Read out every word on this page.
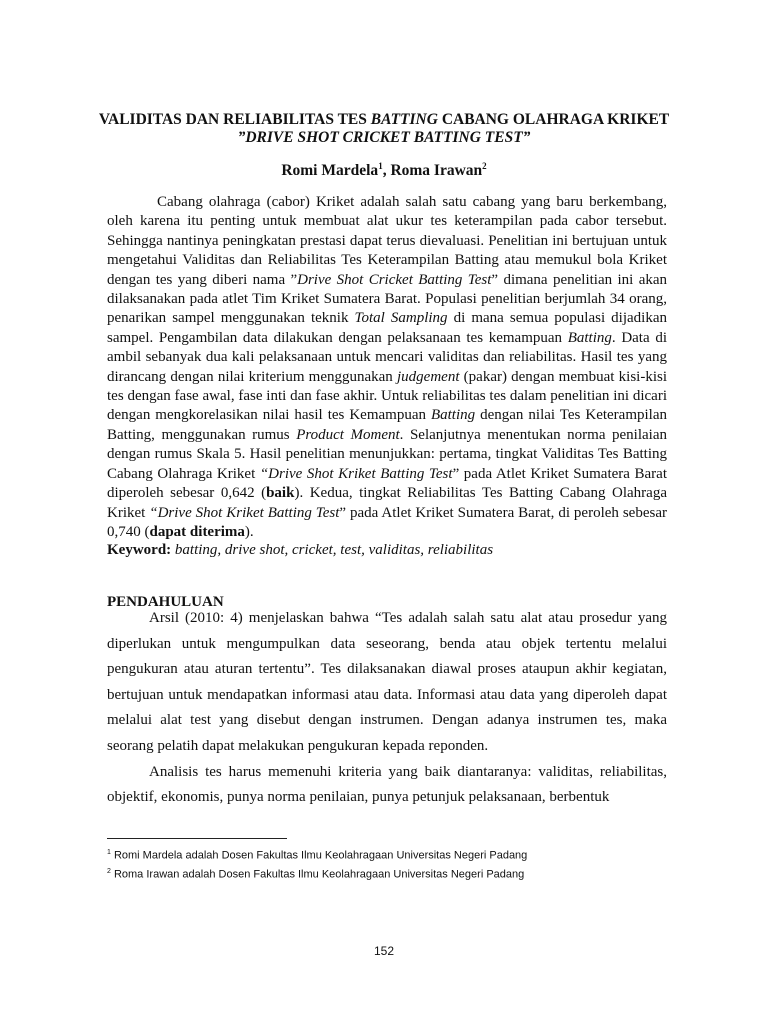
VALIDITAS DAN RELIABILITAS TES BATTING CABANG OLAHRAGA KRIKET
”DRIVE SHOT CRICKET BATTING TEST”
Romi Mardela$^1$, Roma Irawan$^2$

Cabang olahraga (cabor) Kriket adalah salah satu cabang yang baru berkembang, oleh karena itu penting untuk membuat alat ukur tes keterampilan pada cabor tersebut. Sehingga nantinya peningkatan prestasi dapat terus dievaluasi. Penelitian ini bertujuan untuk mengetahui Validitas dan Reliabilitas Tes Keterampilan Batting atau memukul bola Kriket dengan tes yang diberi nama ”Drive Shot Cricket Batting Test” dimana penelitian ini akan dilaksanakan pada atlet Tim Kriket Sumatera Barat. Populasi penelitian berjumlah 34 orang, penarikan sampel menggunakan teknik Total Sampling di mana semua populasi dijadikan sampel. Pengambilan data dilakukan dengan pelaksanaan tes kemampuan Batting. Data di ambil sebanyak dua kali pelaksanaan untuk mencari validitas dan reliabilitas. Hasil tes yang dirancang dengan nilai kriterium menggunakan judgement (pakar) dengan membuat kisi-kisi tes dengan fase awal, fase inti dan fase akhir. Untuk reliabilitas tes dalam penelitian ini dicari dengan mengkorelasikan nilai hasil tes Kemampuan Batting dengan nilai Tes Keterampilan Batting, menggunakan rumus Product Moment. Selanjutnya menentukan norma penilaian dengan rumus Skala 5. Hasil penelitian menunjukkan: pertama, tingkat Validitas Tes Batting Cabang Olahraga Kriket “Drive Shot Kriket Batting Test” pada Atlet Kriket Sumatera Barat diperoleh sebesar 0,642 (baik). Kedua, tingkat Reliabilitas Tes Batting Cabang Olahraga Kriket “Drive Shot Kriket Batting Test” pada Atlet Kriket Sumatera Barat, di peroleh sebesar 0,740 (dapat diterima).

Keyword: batting, drive shot, cricket, test, validitas, reliabilitas

PENDAHULUAN

Arsil (2010: 4) menjelaskan bahwa “Tes adalah salah satu alat atau prosedur yang diperlukan untuk mengumpulkan data seseorang, benda atau objek tertentu melalui pengukuran atau aturan tertentu”. Tes dilaksanakan diawal proses ataupun akhir kegiatan, bertujuan untuk mendapatkan informasi atau data. Informasi atau data yang diperoleh dapat melalui alat test yang disebut dengan instrumen. Dengan adanya instrumen tes, maka seorang pelatih dapat melakukan pengukuran kepada reponden.

Analisis tes harus memenuhi kriteria yang baik diantaranya: validitas, reliabilitas, objektif, ekonomis, punya norma penilaian, punya petunjuk pelaksanaan, berbentuk

$^1$ Romi Mardela adalah Dosen Fakultas Ilmu Keolahragaan Universitas Negeri Padang
$^2$ Roma Irawan adalah Dosen Fakultas Ilmu Keolahragaan Universitas Negeri Padang
152
